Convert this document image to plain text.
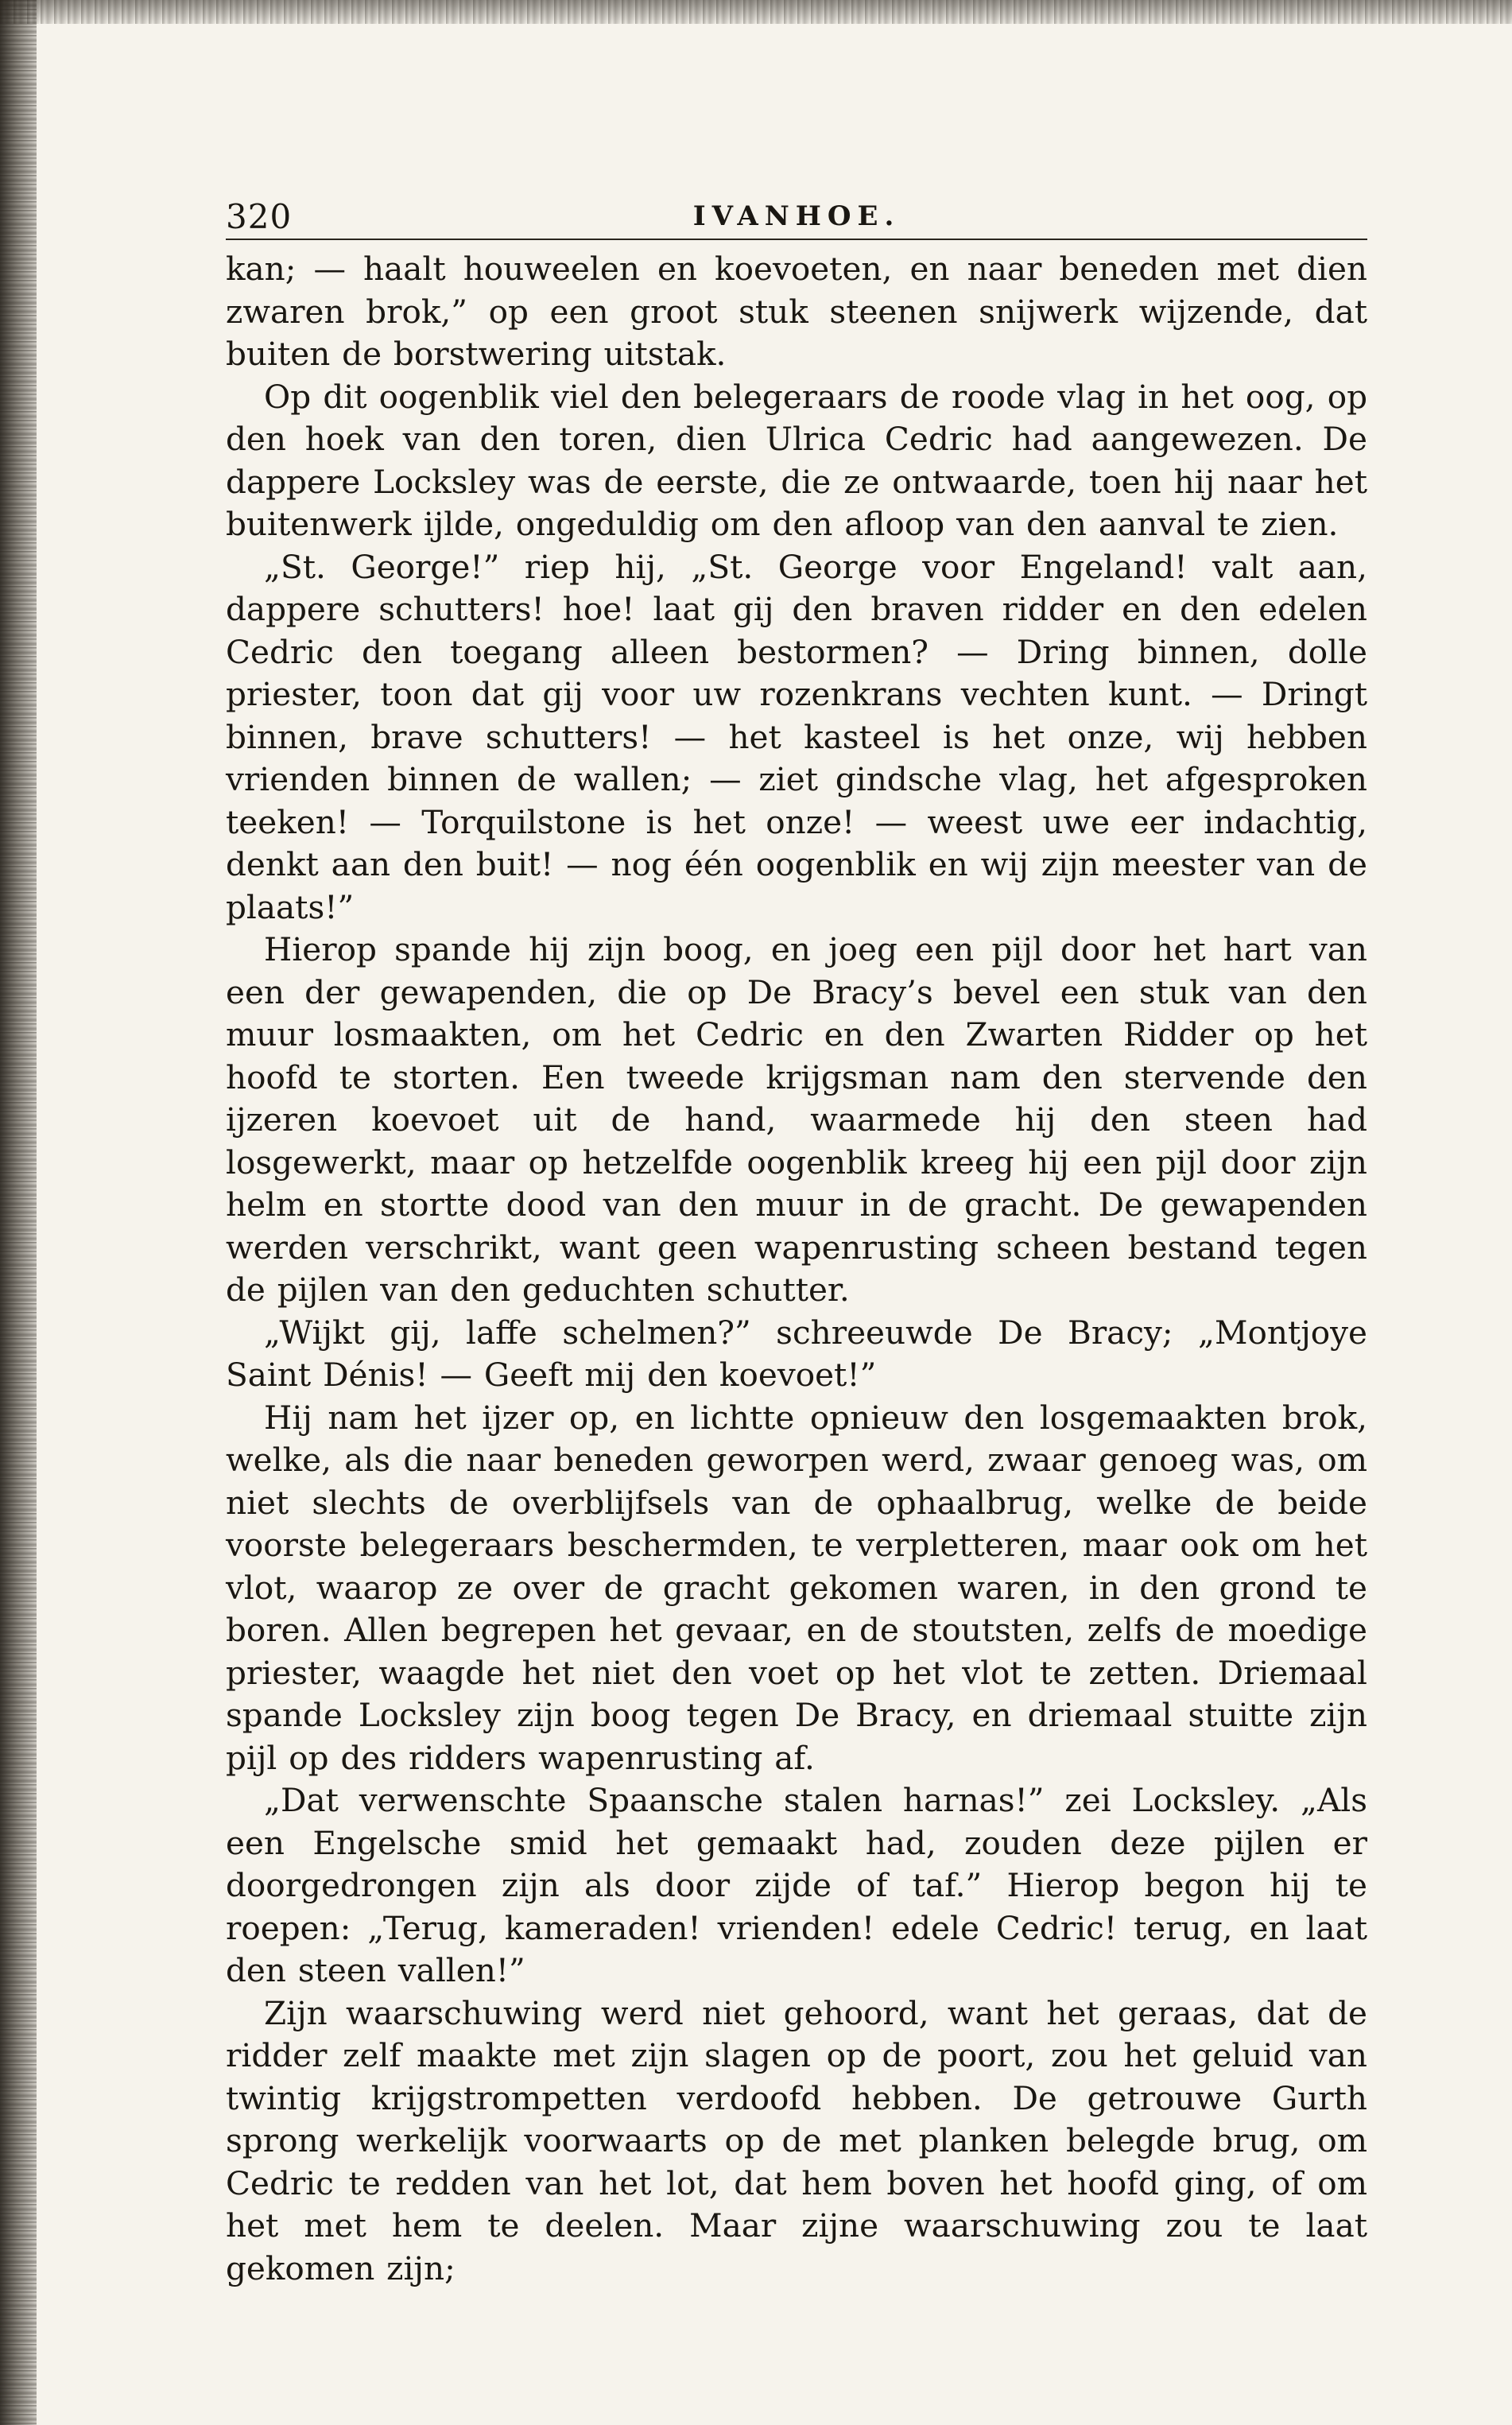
320	IVANHOE.

kan; — haalt houweelen en koevoeten, en naar beneden met dien zwaren brok,” op een groot stuk steenen snijwerk wijzende, dat buiten de borstwering uitstak.

Op dit oogenblik viel den belegeraars de roode vlag in het oog, op den hoek van den toren, dien Ulrica Cedric had aangewezen. De dappere Locksley was de eerste, die ze ontwaarde, toen hij naar het buitenwerk ijlde, ongeduldig om den afloop van den aanval te zien.

„St. George!” riep hij, „St. George voor Engeland! valt aan, dappere schutters! hoe! laat gij den braven ridder en den edelen Cedric den toegang alleen bestormen? — Dring binnen, dolle priester, toon dat gij voor uw rozenkrans vechten kunt. — Dringt binnen, brave schutters! — het kasteel is het onze, wij hebben vrienden binnen de wallen; — ziet gindsche vlag, het afgesproken teeken! — Torquilstone is het onze! — weest uwe eer indachtig, denkt aan den buit! — nog één oogenblik en wij zijn meester van de plaats!”

Hierop spande hij zijn boog, en joeg een pijl door het hart van een der gewapenden, die op De Bracy’s bevel een stuk van den muur losmaakten, om het Cedric en den Zwarten Ridder op het hoofd te storten. Een tweede krijgsman nam den stervende den ijzeren koevoet uit de hand, waarmede hij den steen had losgewerkt, maar op hetzelfde oogenblik kreeg hij een pijl door zijn helm en stortte dood van den muur in de gracht. De gewapenden werden verschrikt, want geen wapenrusting scheen bestand tegen de pijlen van den geduchten schutter.

„Wijkt gij, laffe schelmen?” schreeuwde De Bracy; „Montjoye Saint Dénis! — Geeft mij den koevoet!”

Hij nam het ijzer op, en lichtte opnieuw den losgemaakten brok, welke, als die naar beneden geworpen werd, zwaar genoeg was, om niet slechts de overblijfsels van de ophaalbrug, welke de beide voorste belegeraars beschermden, te verpletteren, maar ook om het vlot, waarop ze over de gracht gekomen waren, in den grond te boren. Allen begrepen het gevaar, en de stoutsten, zelfs de moedige priester, waagde het niet den voet op het vlot te zetten. Driemaal spande Locksley zijn boog tegen De Bracy, en driemaal stuitte zijn pijl op des ridders wapenrusting af.

„Dat verwenschte Spaansche stalen harnas!” zei Locksley. „Als een Engelsche smid het gemaakt had, zouden deze pijlen er doorgedrongen zijn als door zijde of taf.” Hierop begon hij te roepen: „Terug, kameraden! vrienden! edele Cedric! terug, en laat den steen vallen!”

Zijn waarschuwing werd niet gehoord, want het geraas, dat de ridder zelf maakte met zijn slagen op de poort, zou het geluid van twintig krijgstrompetten verdoofd hebben. De getrouwe Gurth sprong werkelijk voorwaarts op de met planken belegde brug, om Cedric te redden van het lot, dat hem boven het hoofd ging, of om het met hem te deelen. Maar zijne waarschuwing zou te laat gekomen zijn;
